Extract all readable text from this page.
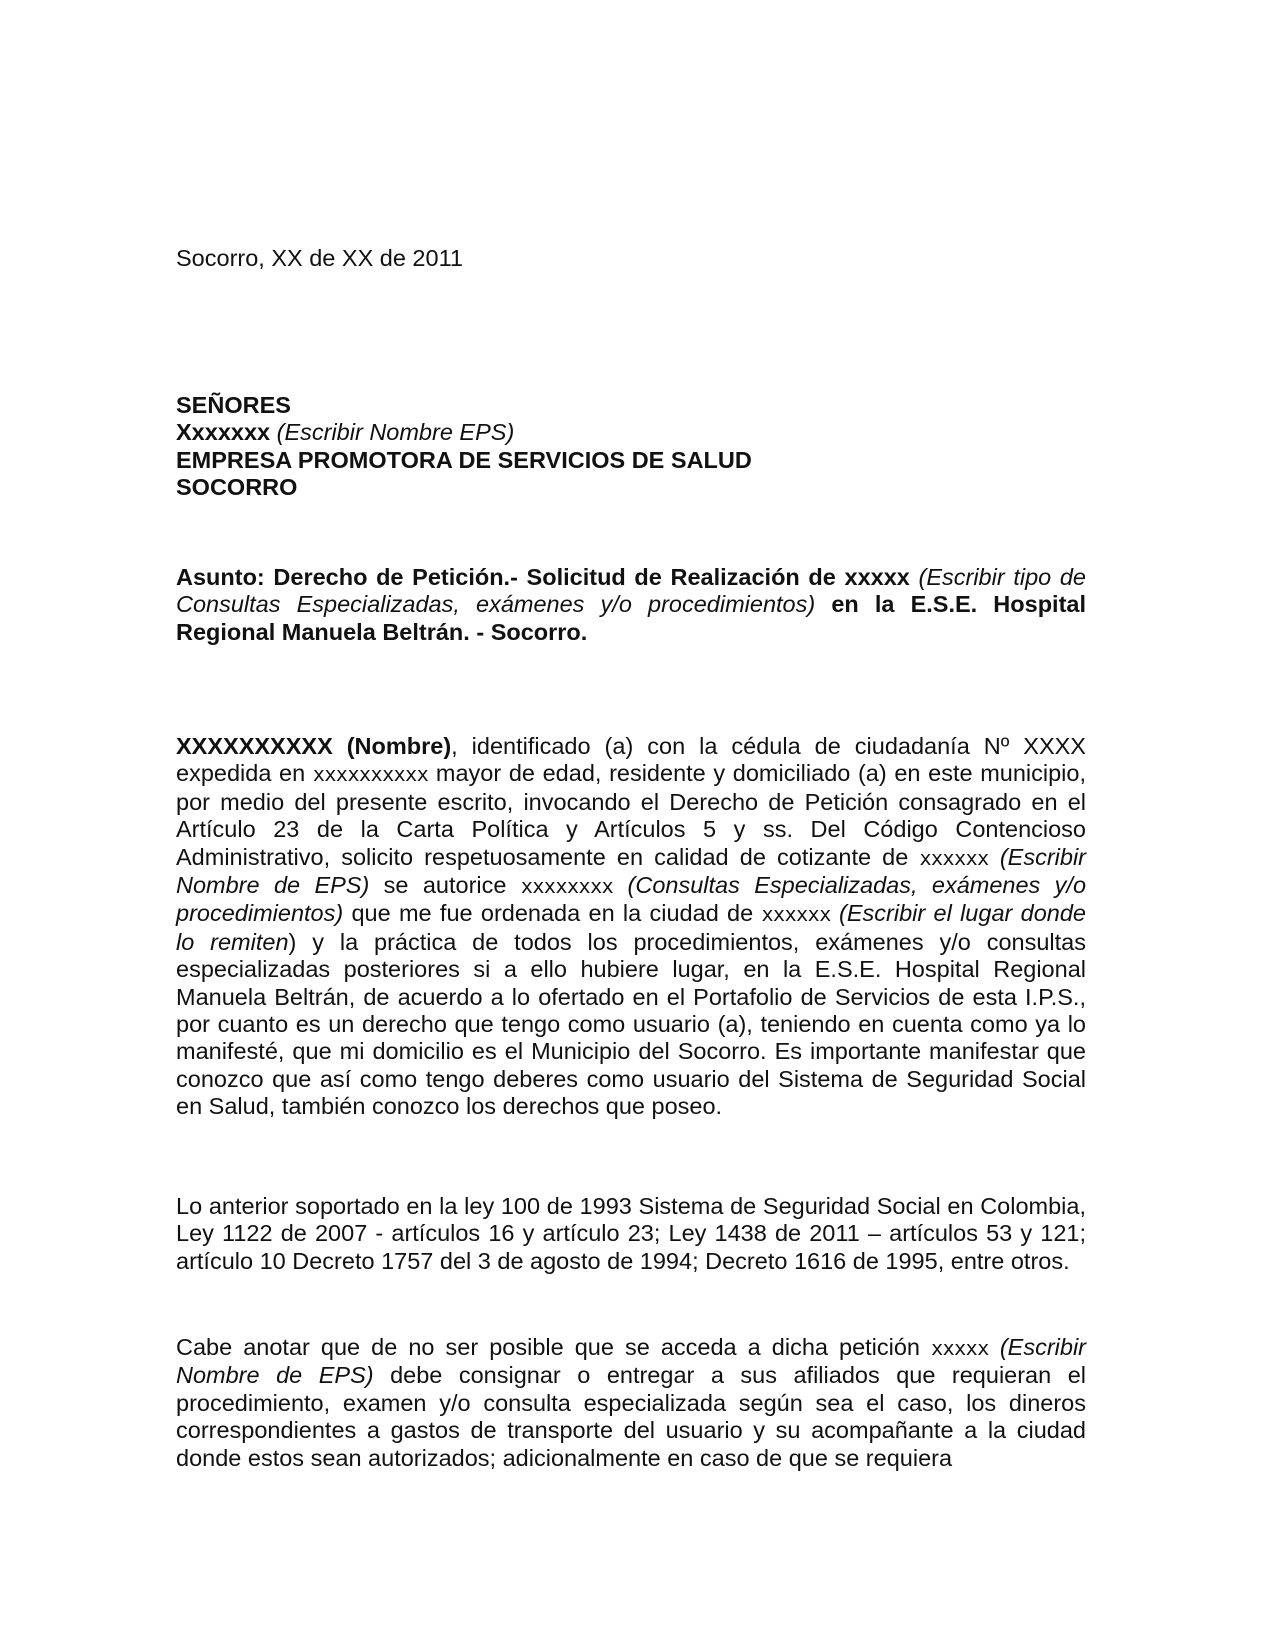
Socorro, XX de XX de 2011
SEÑORES
Xxxxxxx (Escribir Nombre EPS)
EMPRESA PROMOTORA DE SERVICIOS DE SALUD
SOCORRO
Asunto: Derecho de Petición.- Solicitud de Realización de xxxxx (Escribir tipo de Consultas Especializadas, exámenes y/o procedimientos) en la E.S.E. Hospital Regional Manuela Beltrán. - Socorro.
XXXXXXXXXX (Nombre), identificado (a) con la cédula de ciudadanía Nº XXXX expedida en xxxxxxxxxx mayor de edad, residente y domiciliado (a) en este municipio, por medio del presente escrito, invocando el Derecho de Petición consagrado en el Artículo 23 de la Carta Política y Artículos 5 y ss. Del Código Contencioso Administrativo, solicito respetuosamente en calidad de cotizante de xxxxxx (Escribir Nombre de EPS) se autorice xxxxxxxx (Consultas Especializadas, exámenes y/o procedimientos) que me fue ordenada en la ciudad de xxxxxx (Escribir el lugar donde lo remiten) y la práctica de todos los procedimientos, exámenes y/o consultas especializadas posteriores si a ello hubiere lugar, en la E.S.E. Hospital Regional Manuela Beltrán, de acuerdo a lo ofertado en el Portafolio de Servicios de esta I.P.S., por cuanto es un derecho que tengo como usuario (a), teniendo en cuenta como ya lo manifesté, que mi domicilio es el Municipio del Socorro. Es importante manifestar que conozco que así como tengo deberes como usuario del Sistema de Seguridad Social en Salud, también conozco los derechos que poseo.
Lo anterior soportado en la ley 100 de 1993 Sistema de Seguridad Social en Colombia, Ley 1122 de 2007 - artículos 16 y artículo 23; Ley 1438 de 2011 – artículos 53 y 121; artículo 10 Decreto 1757 del 3 de agosto de 1994; Decreto 1616 de 1995, entre otros.
Cabe anotar que de no ser posible que se acceda a dicha petición xxxxx (Escribir Nombre de EPS) debe consignar o entregar a sus afiliados que requieran el procedimiento, examen y/o consulta especializada según sea el caso, los dineros correspondientes a gastos de transporte del usuario y su acompañante a la ciudad donde estos sean autorizados; adicionalmente en caso de que se requiera
